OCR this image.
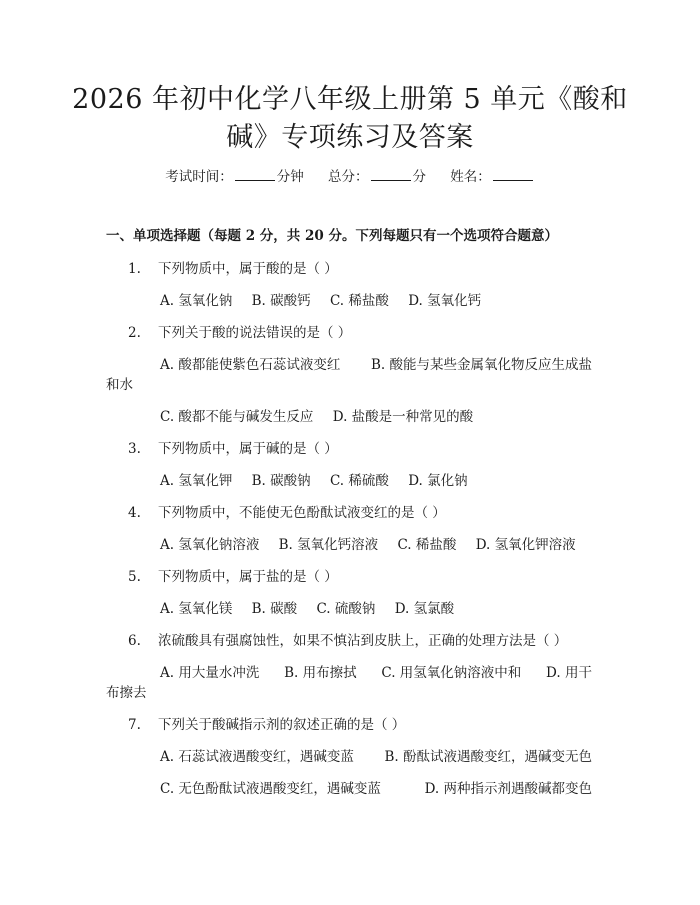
2026 年初中化学八年级上册第 5 单元《酸和
碱》专项练习及答案
考试时间：	分钟 总分：	分 姓名：
一、单项选择题（每题 2 分，共 20 分。下列每题只有一个选项符合题意）
1. 下列物质中，属于酸的是（ ）
A. 氢氧化钠 B. 碳酸钙 C. 稀盐酸 D. 氢氧化钙
2. 下列关于酸的说法错误的是（ ）
A. 酸都能使紫色石蕊试液变红 B. 酸能与某些金属氧化物反应生成盐
和水
C. 酸都不能与碱发生反应 D. 盐酸是一种常见的酸
3. 下列物质中，属于碱的是（ ）
A. 氢氧化钾 B. 碳酸钠 C. 稀硫酸 D. 氯化钠
4. 下列物质中，不能使无色酚酞试液变红的是（ ）
A. 氢氧化钠溶液 B. 氢氧化钙溶液 C. 稀盐酸 D. 氢氧化钾溶液
5. 下列物质中，属于盐的是（ ）
A. 氢氧化镁 B. 碳酸 C. 硫酸钠 D. 氢氯酸
6. 浓硫酸具有强腐蚀性，如果不慎沾到皮肤上，正确的处理方法是（ ）
A. 用大量水冲洗 B. 用布擦拭 C. 用氢氧化钠溶液中和 D. 用干
布擦去
7. 下列关于酸碱指示剂的叙述正确的是（ ）
A. 石蕊试液遇酸变红，遇碱变蓝 B. 酚酞试液遇酸变红，遇碱变无色
C. 无色酚酞试液遇酸变红，遇碱变蓝	D. 两种指示剂遇酸碱都变色
